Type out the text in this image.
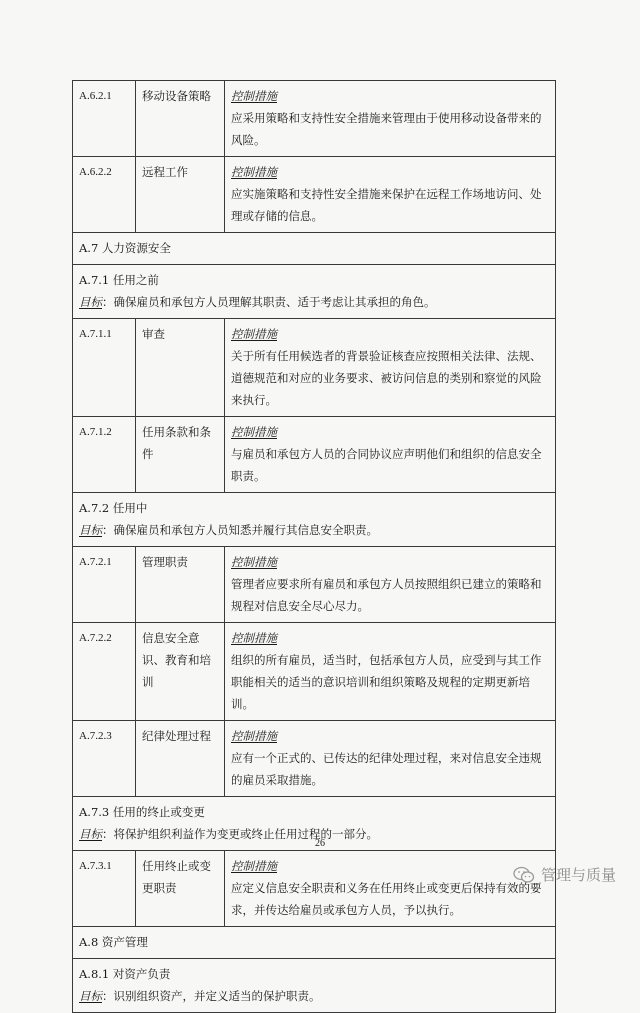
A.6.2.1	移动设备策略	控制措施
应采用策略和支持性安全措施来管理由于使用移动设备带来的风险。
A.6.2.2	远程工作	控制措施
应实施策略和支持性安全措施来保护在远程工作场地访问、处理或存储的信息。
A.7 人力资源安全		
A.7.1 任用之前
目标：确保雇员和承包方人员理解其职责、适于考虑让其承担的角色。		

A.7.1.1	审查	控制措施
关于所有任用候选者的背景验证核查应按照相关法律、法规、道德规范和对应的业务要求、被访问信息的类别和察觉的风险来执行。
A.7.1.2	任用条款和条件	控制措施
与雇员和承包方人员的合同协议应声明他们和组织的信息安全职责。
A.7.2 任用中
目标：确保雇员和承包方人员知悉并履行其信息安全职责。		

A.7.2.1	管理职责	控制措施
管理者应要求所有雇员和承包方人员按照组织已建立的策略和规程对信息安全尽心尽力。
A.7.2.2	信息安全意识、教育和培训	控制措施
组织的所有雇员，适当时，包括承包方人员，应受到与其工作职能相关的适当的意识培训和组织策略及规程的定期更新培训。
A.7.2.3	纪律处理过程	控制措施
应有一个正式的、已传达的纪律处理过程，来对信息安全违规的雇员采取措施。
A.7.3 任用的终止或变更
目标：将保护组织利益作为变更或终止任用过程的一部分。		

A.7.3.1	任用终止或变更职责	控制措施
应定义信息安全职责和义务在任用终止或变更后保持有效的要求，并传达给雇员或承包方人员，予以执行。
A.8 资产管理		
A.8.1 对资产负责
目标：识别组织资产，并定义适当的保护职责。		
26
管理与质量
